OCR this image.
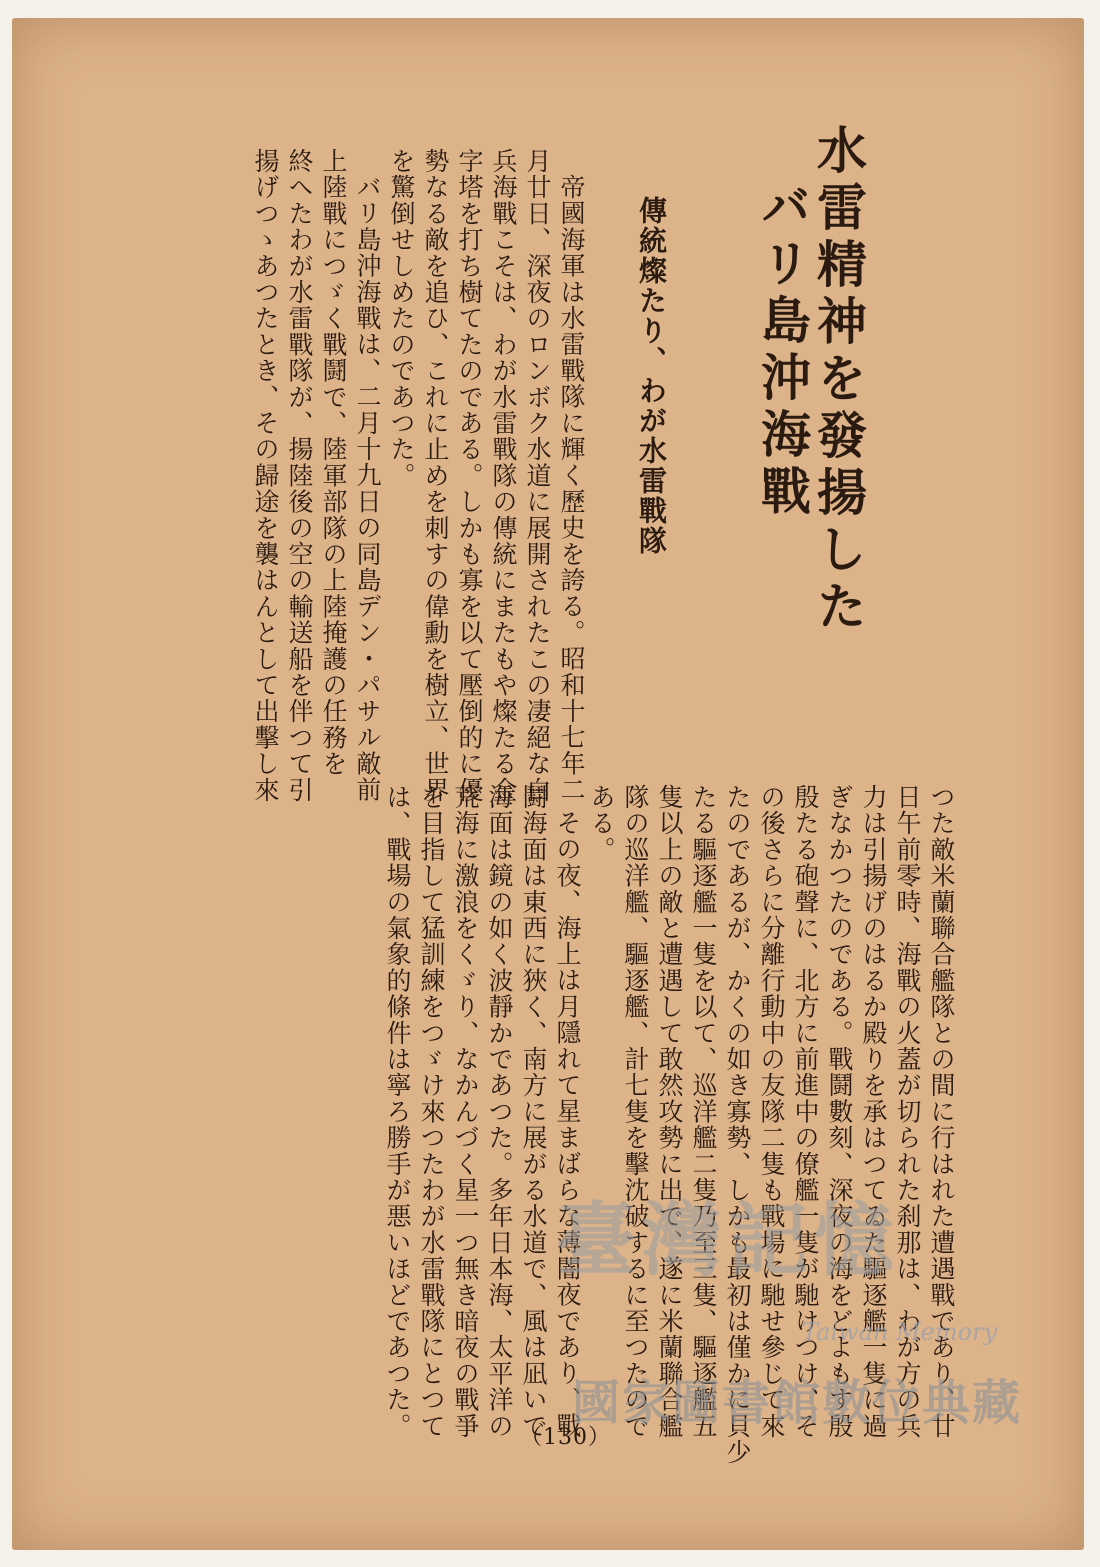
水雷精神を發揚した
バリ島沖海戰
傳統燦たり、わが水雷戰隊
帝國海軍は水雷戰隊に輝く歷史を誇る。昭和十七年二
月廿日、深夜のロンボク水道に展開されたこの凄絕な白
兵海戰こそは、わが水雷戰隊の傳統にまたもや燦たる金
字塔を打ち樹てたのである。しかも寡を以て壓倒的に優
勢なる敵を追ひ、これに止めを刺すの偉勳を樹立、世界
を驚倒せしめたのであつた。
バリ島沖海戰は、二月十九日の同島デン・パサル敵前
上陸戰につゞく戰鬪で、陸軍部隊の上陸掩護の任務を
終へたわが水雷戰隊が、揚陸後の空の輸送船を伴つて引
揚げつゝあつたとき、その歸途を襲はんとして出擊し來
つた敵米蘭聯合艦隊との間に行はれた遭遇戰であり、廿
日午前零時、海戰の火蓋が切られた刹那は、わが方の兵
力は引揚げのはるか殿りを承はつてゐた驅逐艦一隻に過
ぎなかつたのである。戰鬪數刻、深夜の海をどよもす殷
殷たる砲聲に、北方に前進中の僚艦一隻が馳けつけ、そ
の後さらに分離行動中の友隊二隻も戰場に馳せ參じて來
たのであるが、かくの如き寡勢、しかも最初は僅かに貝少
たる驅逐艦一隻を以て、巡洋艦二隻乃至三隻、驅逐艦五
隻以上の敵と遭遇して敢然攻勢に出で、遂に米蘭聯合艦
隊の巡洋艦、驅逐艦、計七隻を擊沈破するに至つたので
ある。
その夜、海上は月隱れて星まばらな薄闇夜であり、戰
鬪海面は東西に狹く、南方に展がる水道で、風は凪いで
海面は鏡の如く波靜かであつた。多年日本海、太平洋の
荒海に激浪をくゞり、なかんづく星一つ無き暗夜の戰爭
を目指して猛訓練をつゞけ來つたわが水雷戰隊にとつて
は、戰場の氣象的條件は寧ろ勝手が悪いほどであつた。	（130）
臺灣記憶
Taiwan Memory
國家圖書館數位典藏
